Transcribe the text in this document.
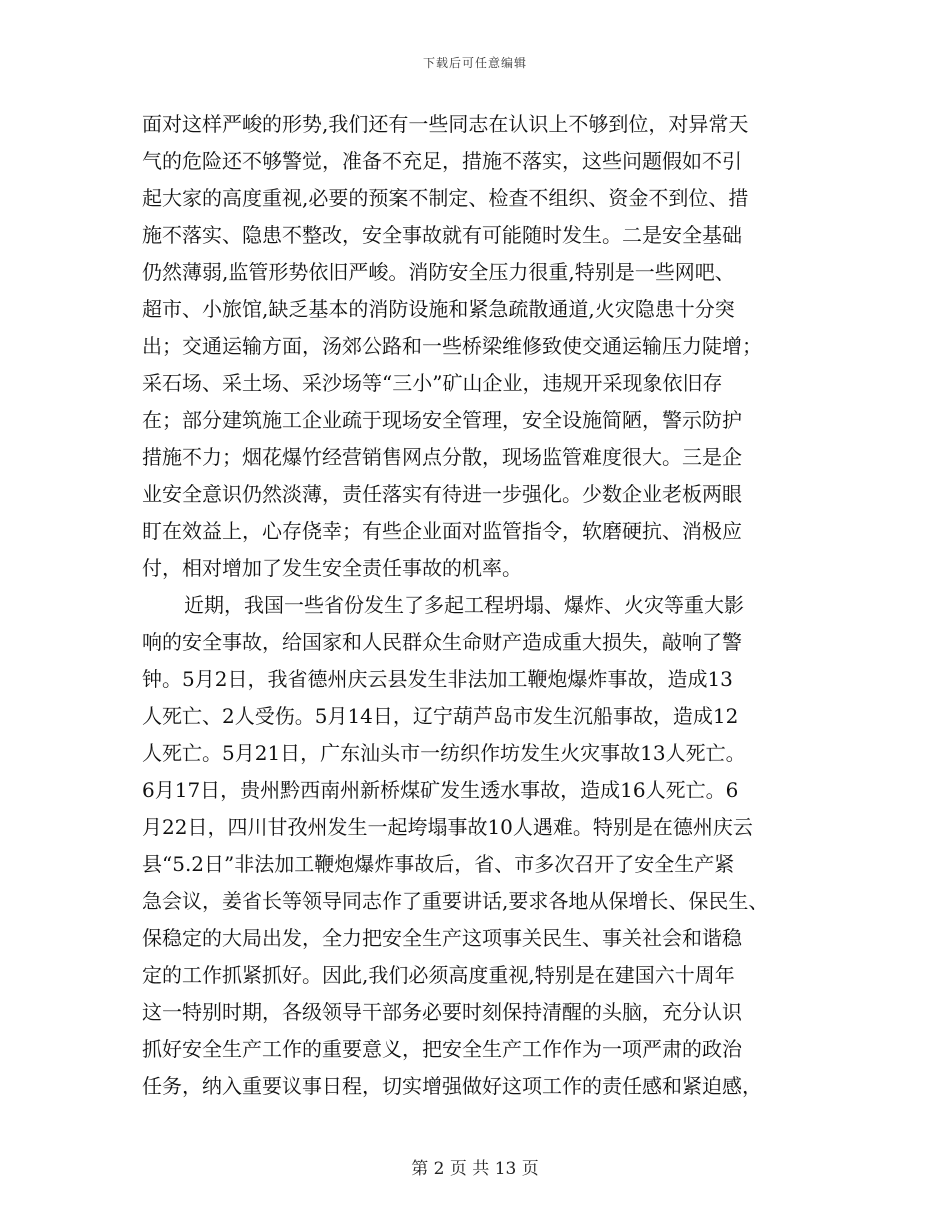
下载后可任意编辑
面对这样严峻的形势,我们还有一些同志在认识上不够到位，对异常天
气的危险还不够警觉，准备不充足，措施不落实，这些问题假如不引
起大家的高度重视,必要的预案不制定、检查不组织、资金不到位、措
施不落实、隐患不整改，安全事故就有可能随时发生。二是安全基础
仍然薄弱,监管形势依旧严峻。消防安全压力很重,特别是一些网吧、
超市、小旅馆,缺乏基本的消防设施和紧急疏散通道,火灾隐患十分突
出；交通运输方面，汤郊公路和一些桥梁维修致使交通运输压力陡增；
采石场、采土场、采沙场等“三小”矿山企业，违规开采现象依旧存
在；部分建筑施工企业疏于现场安全管理，安全设施简陋，警示防护
措施不力；烟花爆竹经营销售网点分散，现场监管难度很大。三是企
业安全意识仍然淡薄，责任落实有待进一步强化。少数企业老板两眼
盯在效益上，心存侥幸；有些企业面对监管指令，软磨硬抗、消极应
付，相对增加了发生安全责任事故的机率。
近期，我国一些省份发生了多起工程坍塌、爆炸、火灾等重大影
响的安全事故，给国家和人民群众生命财产造成重大损失，敲响了警
钟。5月2日，我省德州庆云县发生非法加工鞭炮爆炸事故，造成13
人死亡、2人受伤。5月14日，辽宁葫芦岛市发生沉船事故，造成12
人死亡。5月21日，广东汕头市一纺织作坊发生火灾事故13人死亡。
6月17日，贵州黔西南州新桥煤矿发生透水事故，造成16人死亡。6
月22日，四川甘孜州发生一起垮塌事故10人遇难。特别是在德州庆云
县“5.2日”非法加工鞭炮爆炸事故后，省、市多次召开了安全生产紧
急会议，姜省长等领导同志作了重要讲话,要求各地从保增长、保民生、
保稳定的大局出发，全力把安全生产这项事关民生、事关社会和谐稳
定的工作抓紧抓好。因此,我们必须高度重视,特别是在建国六十周年
这一特别时期，各级领导干部务必要时刻保持清醒的头脑，充分认识
抓好安全生产工作的重要意义，把安全生产工作作为一项严肃的政治
任务，纳入重要议事日程，切实增强做好这项工作的责任感和紧迫感，
第 2 页 共 13 页
